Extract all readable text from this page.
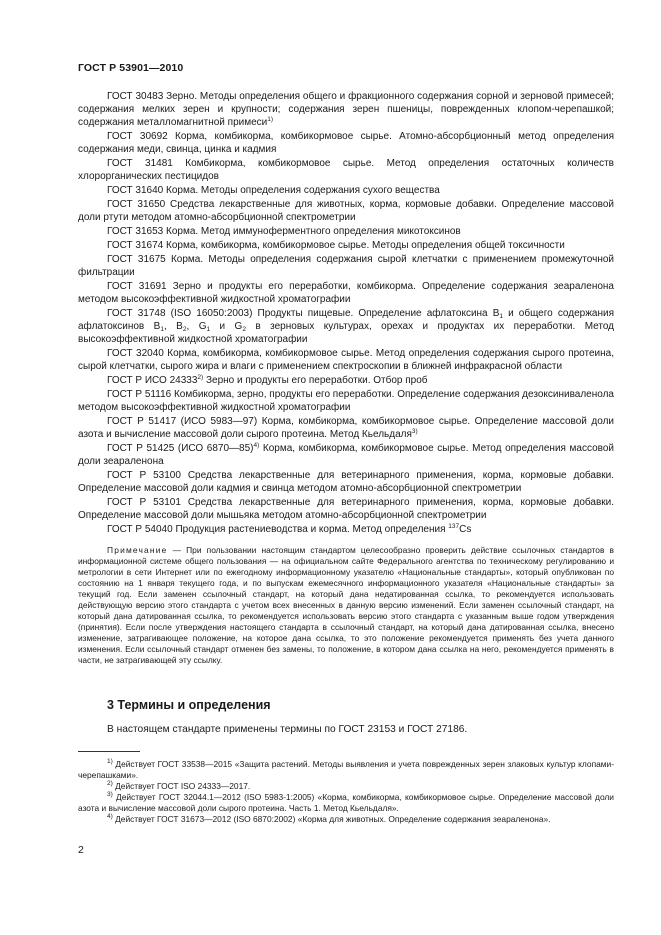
ГОСТ Р 53901—2010

ГОСТ 30483 Зерно. Методы определения общего и фракционного содержания сорной и зерновой примесей; содержания мелких зерен и крупности; содержания зерен пшеницы, поврежденных клопом-черепашкой; содержания металломагнитной примеси$^{1)}$

ГОСТ 30692 Корма, комбикорма, комбикормовое сырье. Атомно-абсорбционный метод определения содержания меди, свинца, цинка и кадмия

ГОСТ 31481 Комбикорма, комбикормовое сырье. Метод определения остаточных количеств хлорорганических пестицидов

ГОСТ 31640 Корма. Методы определения содержания сухого вещества

ГОСТ 31650 Средства лекарственные для животных, корма, кормовые добавки. Определение массовой доли ртути методом атомно-абсорбционной спектрометрии

ГОСТ 31653 Корма. Метод иммуноферментного определения микотоксинов

ГОСТ 31674 Корма, комбикорма, комбикормовое сырье. Методы определения общей токсичности

ГОСТ 31675 Корма. Методы определения содержания сырой клетчатки с применением промежуточной фильтрации

ГОСТ 31691 Зерно и продукты его переработки, комбикорма. Определение содержания зеараленона методом высокоэффективной жидкостной хроматографии

ГОСТ 31748 (ISO 16050:2003) Продукты пищевые. Определение афлатоксина $В_1$ и общего содержания афлатоксинов $В_1$, $В_2$, $G_1$ и $G_2$ в зерновых культурах, орехах и продуктах их переработки. Метод высокоэффективной жидкостной хроматографии

ГОСТ 32040 Корма, комбикорма, комбикормовое сырье. Метод определения содержания сырого протеина, сырой клетчатки, сырого жира и влаги с применением спектроскопии в ближней инфракрасной области

ГОСТ Р ИСО 24333$^{2)}$ Зерно и продукты его переработки. Отбор проб

ГОСТ Р 51116 Комбикорма, зерно, продукты его переработки. Определение содержания дезоксиниваленола методом высокоэффективной жидкостной хроматографии

ГОСТ Р 51417 (ИСО 5983—97) Корма, комбикорма, комбикормовое сырье. Определение массовой доли азота и вычисление массовой доли сырого протеина. Метод Кьельдаля$^{3)}$

ГОСТ Р 51425 (ИСО 6870—85)$^{4)}$ Корма, комбикорма, комбикормовое сырье. Метод определения массовой доли зеараленона

ГОСТ Р 53100 Средства лекарственные для ветеринарного применения, корма, кормовые добавки. Определение массовой доли кадмия и свинца методом атомно-абсорбционной спектрометрии

ГОСТ Р 53101 Средства лекарственные для ветеринарного применения, корма, кормовые добавки. Определение массовой доли мышьяка методом атомно-абсорбционной спектрометрии

ГОСТ Р 54040 Продукция растениеводства и корма. Метод определения $^{137}$Cs

Примечание — При пользовании настоящим стандартом целесообразно проверить действие ссылочных стандартов в информационной системе общего пользования — на официальном сайте Федерального агентства по техническому регулированию и метрологии в сети Интернет или по ежегодному информационному указателю «Национальные стандарты», который опубликован по состоянию на 1 января текущего года, и по выпускам ежемесячного информационного указателя «Национальные стандарты» за текущий год. Если заменен ссылочный стандарт, на который дана недатированная ссылка, то рекомендуется использовать действующую версию этого стандарта с учетом всех внесенных в данную версию изменений. Если заменен ссылочный стандарт, на который дана датированная ссылка, то рекомендуется использовать версию этого стандарта с указанным выше годом утверждения (принятия). Если после утверждения настоящего стандарта в ссылочный стандарт, на который дана датированная ссылка, внесено изменение, затрагивающее положение, на которое дана ссылка, то это положение рекомендуется применять без учета данного изменения. Если ссылочный стандарт отменен без замены, то положение, в котором дана ссылка на него, рекомендуется применять в части, не затрагивающей эту ссылку.

3 Термины и определения
В настоящем стандарте применены термины по ГОСТ 23153 и ГОСТ 27186.

$^{1)}$ Действует ГОСТ 33538—2015 «Защита растений. Методы выявления и учета поврежденных зерен злаковых культур клопами-черепашками».

$^{2)}$ Действует ГОСТ ISO 24333—2017.

$^{3)}$ Действует ГОСТ 32044.1—2012 (ISO 5983-1:2005) «Корма, комбикорма, комбикормовое сырье. Определение массовой доли азота и вычисление массовой доли сырого протеина. Часть 1. Метод Кьельдаля».

$^{4)}$ Действует ГОСТ 31673—2012 (ISO 6870:2002) «Корма для животных. Определение содержания зеараленона».

2
